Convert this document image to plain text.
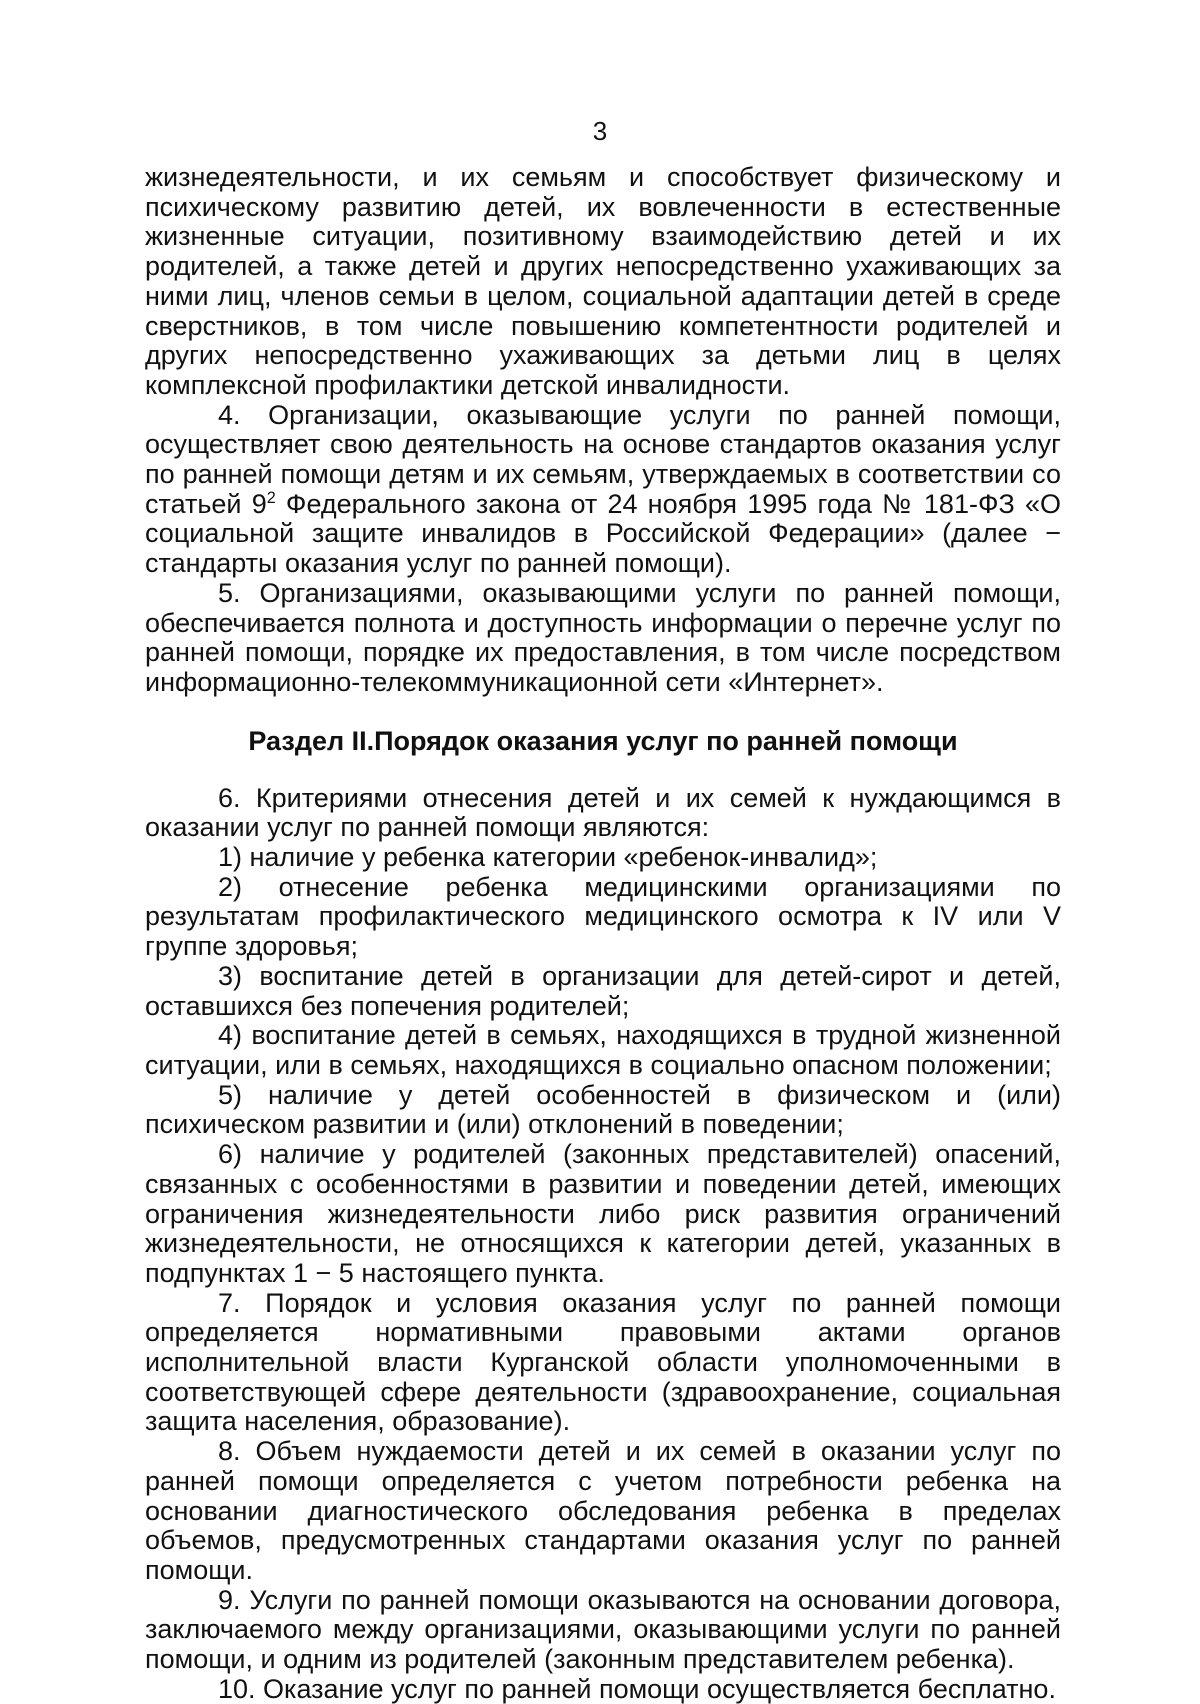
3

жизнедеятельности, и их семьям и способствует физическому и психическому развитию детей, их вовлеченности в естественные жизненные ситуации, позитивному взаимодействию детей и их родителей, а также детей и других непосредственно ухаживающих за ними лиц, членов семьи в целом, социальной адаптации детей в среде сверстников, в том числе повышению компетентности родителей и других непосредственно ухаживающих за детьми лиц в целях комплексной профилактики детской инвалидности.

4. Организации, оказывающие услуги по ранней помощи, осуществляет свою деятельность на основе стандартов оказания услуг по ранней помощи детям и их семьям, утверждаемых в соответствии со статьей $9^2$ Федерального закона от 24 ноября 1995 года № 181-ФЗ «О социальной защите инвалидов в Российской Федерации» (далее − стандарты оказания услуг по ранней помощи).

5. Организациями, оказывающими услуги по ранней помощи, обеспечивается полнота и доступность информации о перечне услуг по ранней помощи, порядке их предоставления, в том числе посредством информационно-телекоммуникационной сети «Интернет».

Раздел II.Порядок оказания услуг по ранней помощи

6. Критериями отнесения детей и их семей к нуждающимся в оказании услуг по ранней помощи являются:

1) наличие у ребенка категории «ребенок-инвалид»;

2) отнесение ребенка медицинскими организациями по результатам профилактического медицинского осмотра к IV или V группе здоровья;

3) воспитание детей в организации для детей-сирот и детей, оставшихся без попечения родителей;

4) воспитание детей в семьях, находящихся в трудной жизненной ситуации, или в семьях, находящихся в социально опасном положении;

5) наличие у детей особенностей в физическом и (или) психическом развитии и (или) отклонений в поведении;

6) наличие у родителей (законных представителей) опасений, связанных с особенностями в развитии и поведении детей, имеющих ограничения жизнедеятельности либо риск развития ограничений жизнедеятельности, не относящихся к категории детей, указанных в подпунктах 1 − 5 настоящего пункта.

7. Порядок и условия оказания услуг по ранней помощи определяется нормативными правовыми актами органов исполнительной власти Курганской области уполномоченными в соответствующей сфере деятельности (здравоохранение, социальная защита населения, образование).

8. Объем нуждаемости детей и их семей в оказании услуг по ранней помощи определяется с учетом потребности ребенка на основании диагностического обследования ребенка в пределах объемов, предусмотренных стандартами оказания услуг по ранней помощи.

9. Услуги по ранней помощи оказываются на основании договора, заключаемого между организациями, оказывающими услуги по ранней помощи, и одним из родителей (законным представителем ребенка).

10. Оказание услуг по ранней помощи осуществляется бесплатно.
